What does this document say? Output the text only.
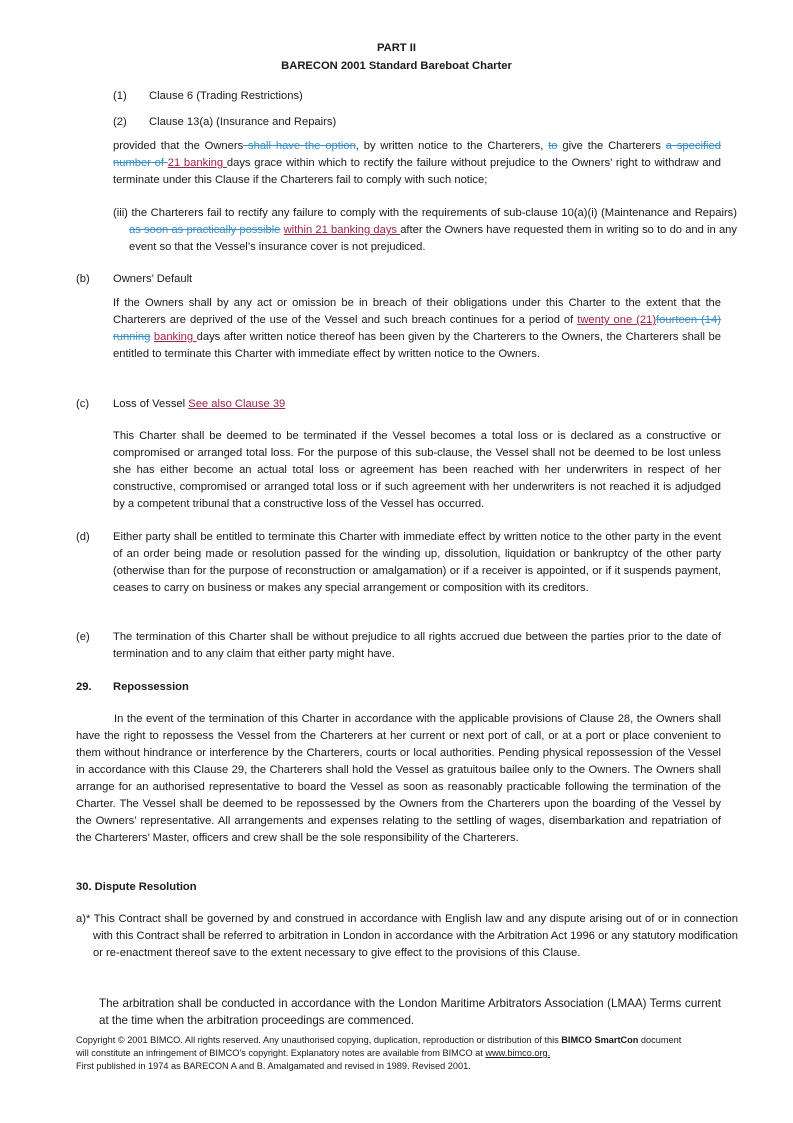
PART II
BARECON 2001 Standard Bareboat Charter
(1) Clause 6 (Trading Restrictions)
(2) Clause 13(a) (Insurance and Repairs)
provided that the Owners shall have the option, by written notice to the Charterers, to give the Charterers a specified number of 21 banking days grace within which to rectify the failure without prejudice to the Owners’ right to withdraw and terminate under this Clause if the Charterers fail to comply with such notice;
(iii) the Charterers fail to rectify any failure to comply with the requirements of sub-clause 10(a)(i) (Maintenance and Repairs) as soon as practically possible within 21 banking days after the Owners have requested them in writing so to do and in any event so that the Vessel’s insurance cover is not prejudiced.
(b) Owners’ Default
If the Owners shall by any act or omission be in breach of their obligations under this Charter to the extent that the Charterers are deprived of the use of the Vessel and such breach continues for a period of twenty one (21)fourteen (14) running banking days after written notice thereof has been given by the Charterers to the Owners, the Charterers shall be entitled to terminate this Charter with immediate effect by written notice to the Owners.
(c) Loss of Vessel See also Clause 39
This Charter shall be deemed to be terminated if the Vessel becomes a total loss or is declared as a constructive or compromised or arranged total loss. For the purpose of this sub-clause, the Vessel shall not be deemed to be lost unless she has either become an actual total loss or agreement has been reached with her underwriters in respect of her constructive, compromised or arranged total loss or if such agreement with her underwriters is not reached it is adjudged by a competent tribunal that a constructive loss of the Vessel has occurred.
(d) Either party shall be entitled to terminate this Charter with immediate effect by written notice to the other party in the event of an order being made or resolution passed for the winding up, dissolution, liquidation or bankruptcy of the other party (otherwise than for the purpose of reconstruction or amalgamation) or if a receiver is appointed, or if it suspends payment, ceases to carry on business or makes any special arrangement or composition with its creditors.
(e) The termination of this Charter shall be without prejudice to all rights accrued due between the parties prior to the date of termination and to any claim that either party might have.
29. Repossession
In the event of the termination of this Charter in accordance with the applicable provisions of Clause 28, the Owners shall have the right to repossess the Vessel from the Charterers at her current or next port of call, or at a port or place convenient to them without hindrance or interference by the Charterers, courts or local authorities. Pending physical repossession of the Vessel in accordance with this Clause 29, the Charterers shall hold the Vessel as gratuitous bailee only to the Owners. The Owners shall arrange for an authorised representative to board the Vessel as soon as reasonably practicable following the termination of the Charter. The Vessel shall be deemed to be repossessed by the Owners from the Charterers upon the boarding of the Vessel by the Owners’ representative. All arrangements and expenses relating to the settling of wages, disembarkation and repatriation of the Charterers’ Master, officers and crew shall be the sole responsibility of the Charterers.
30. Dispute Resolution
a)* This Contract shall be governed by and construed in accordance with English law and any dispute arising out of or in connection with this Contract shall be referred to arbitration in London in accordance with the Arbitration Act 1996 or any statutory modification or re-enactment thereof save to the extent necessary to give effect to the provisions of this Clause.
The arbitration shall be conducted in accordance with the London Maritime Arbitrators Association (LMAA) Terms current at the time when the arbitration proceedings are commenced.
Copyright © 2001 BIMCO. All rights reserved. Any unauthorised copying, duplication, reproduction or distribution of this BIMCO SmartCon document
will constitute an infringement of BIMCO’s copyright. Explanatory notes are available from BIMCO at www.bimco.org.
First published in 1974 as BARECON A and B. Amalgamated and revised in 1989. Revised 2001.
